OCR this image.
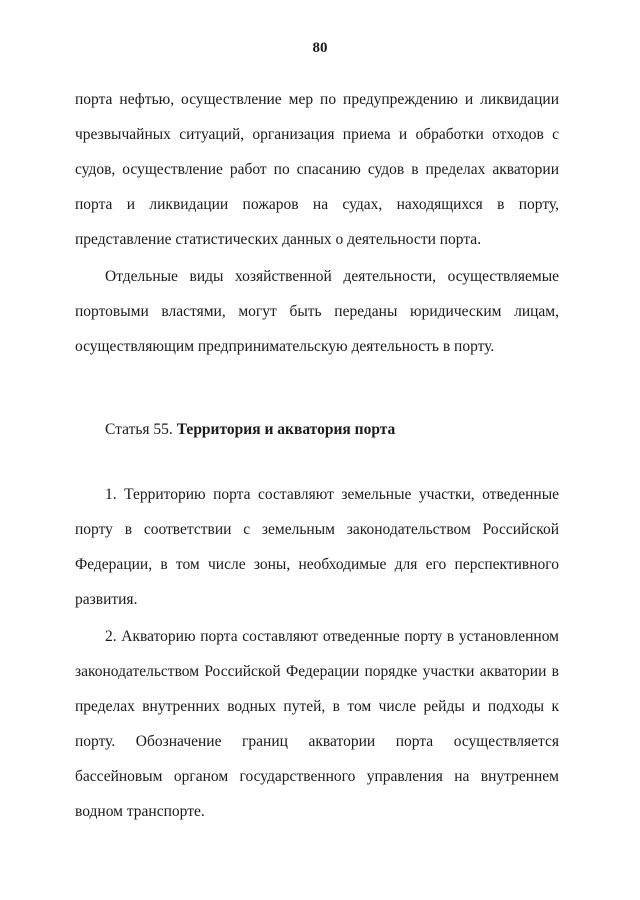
80

порта нефтью, осуществление мер по предупреждению и ликвидации чрезвычайных ситуаций, организация приема и обработки отходов с судов, осуществление работ по спасанию судов в пределах акватории порта и ликвидации пожаров на судах, находящихся в порту, представление статистических данных о деятельности порта.

Отдельные виды хозяйственной деятельности, осуществляемые портовыми властями, могут быть переданы юридическим лицам, осуществляющим предпринимательскую деятельность в порту.

Статья 55. Территория и акватория порта

1. Территорию порта составляют земельные участки, отведенные порту в соответствии с земельным законодательством Российской Федерации, в том числе зоны, необходимые для его перспективного развития.

2. Акваторию порта составляют отведенные порту в установленном законодательством Российской Федерации порядке участки акватории в пределах внутренних водных путей, в том числе рейды и подходы к порту. Обозначение границ акватории порта осуществляется бассейновым органом государственного управления на внутреннем водном транспорте.
